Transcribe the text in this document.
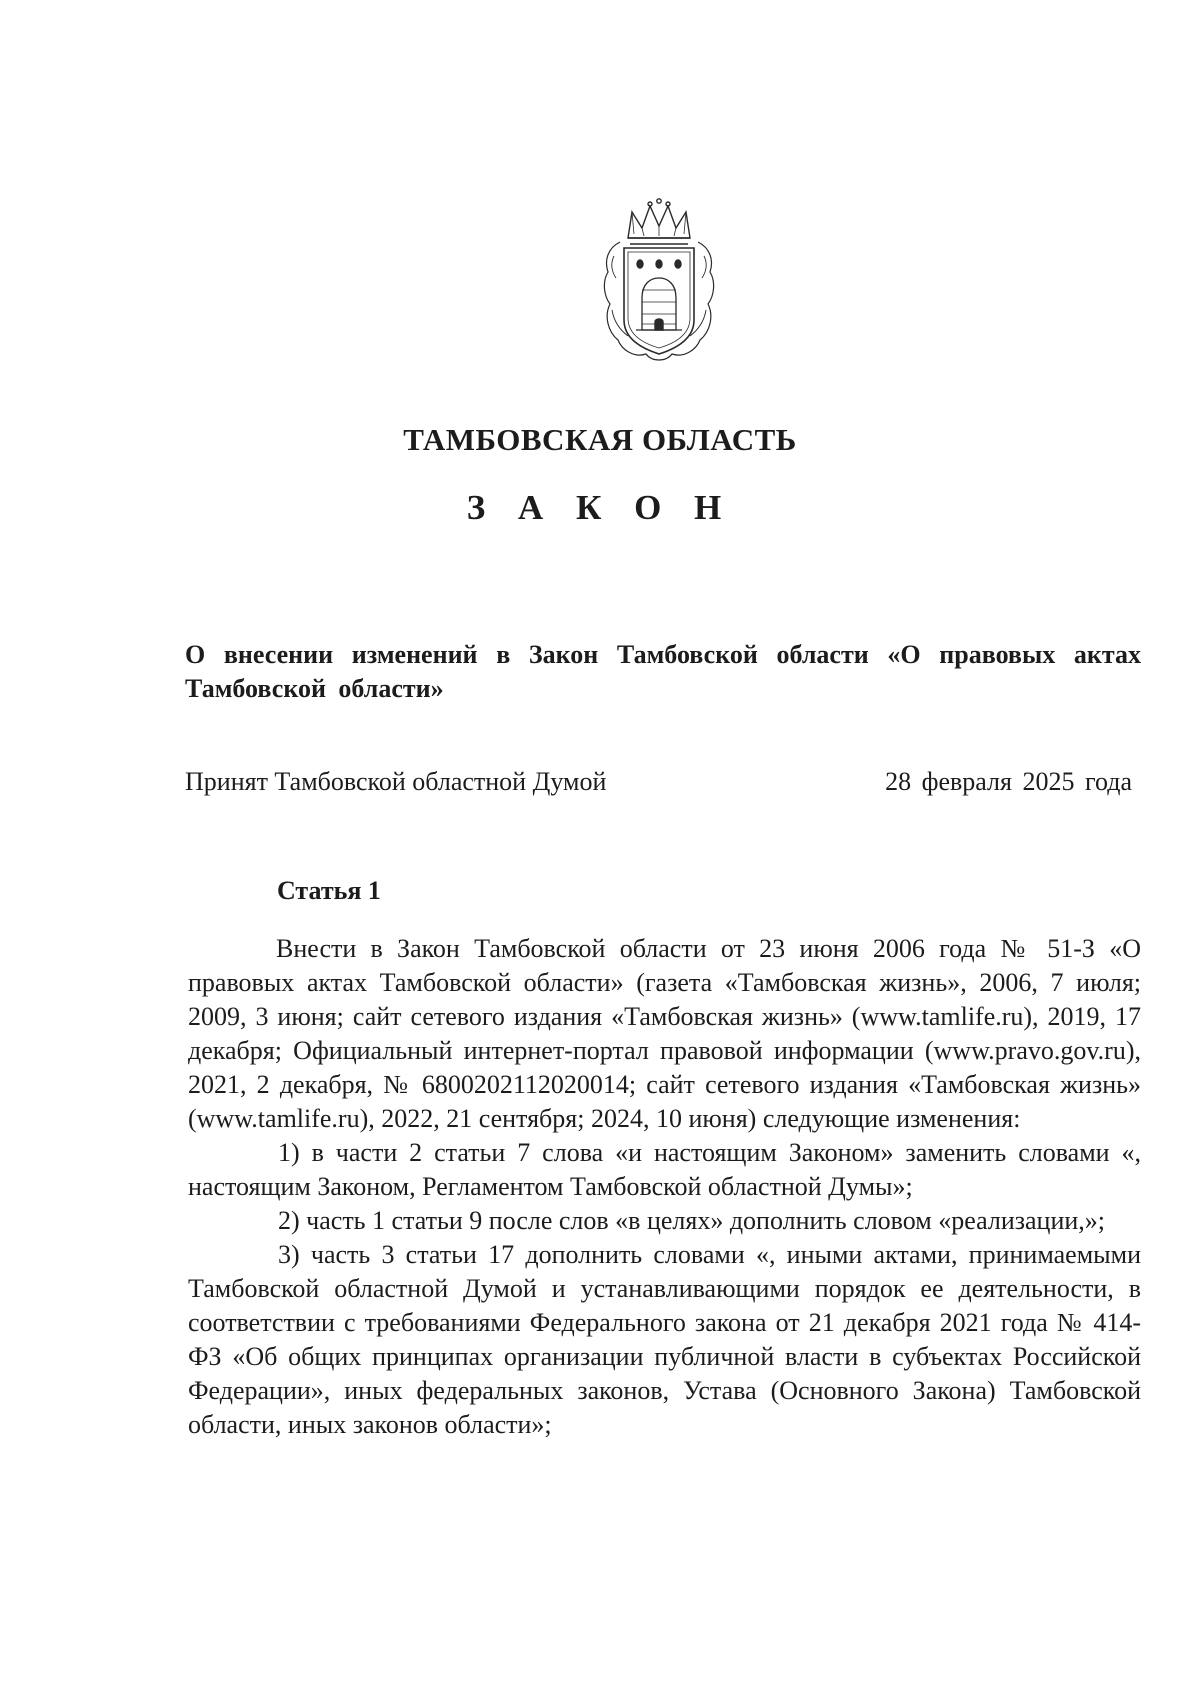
ТАМБОВСКАЯ ОБЛАСТЬ
З А К О Н
О внесении изменений в Закон Тамбовской области «О правовых актах Тамбовской области»
Принят Тамбовской областной Думой	28 февраля 2025 года
Статья 1

Внести в Закон Тамбовской области от 23 июня 2006 года № 51-З «О правовых актах Тамбовской области» (газета «Тамбовская жизнь», 2006, 7 июля; 2009, 3 июня; сайт сетевого издания «Тамбовская жизнь» (www.tamlife.ru), 2019, 17 декабря; Официальный интернет-портал правовой информации (www.pravo.gov.ru), 2021, 2 декабря, № 6800202112020014; сайт сетевого издания «Тамбовская жизнь» (www.tamlife.ru), 2022, 21 сентября; 2024, 10 июня) следующие изменения:

1) в части 2 статьи 7 слова «и настоящим Законом» заменить словами «, настоящим Законом, Регламентом Тамбовской областной Думы»;

2) часть 1 статьи 9 после слов «в целях» дополнить словом «реализации,»;

3) часть 3 статьи 17 дополнить словами «, иными актами, принимаемыми Тамбовской областной Думой и устанавливающими порядок ее деятельности, в соответствии с требованиями Федерального закона от 21 декабря 2021 года № 414-ФЗ «Об общих принципах организации публичной власти в субъектах Российской Федерации», иных федеральных законов, Устава (Основного Закона) Тамбовской области, иных законов области»;
